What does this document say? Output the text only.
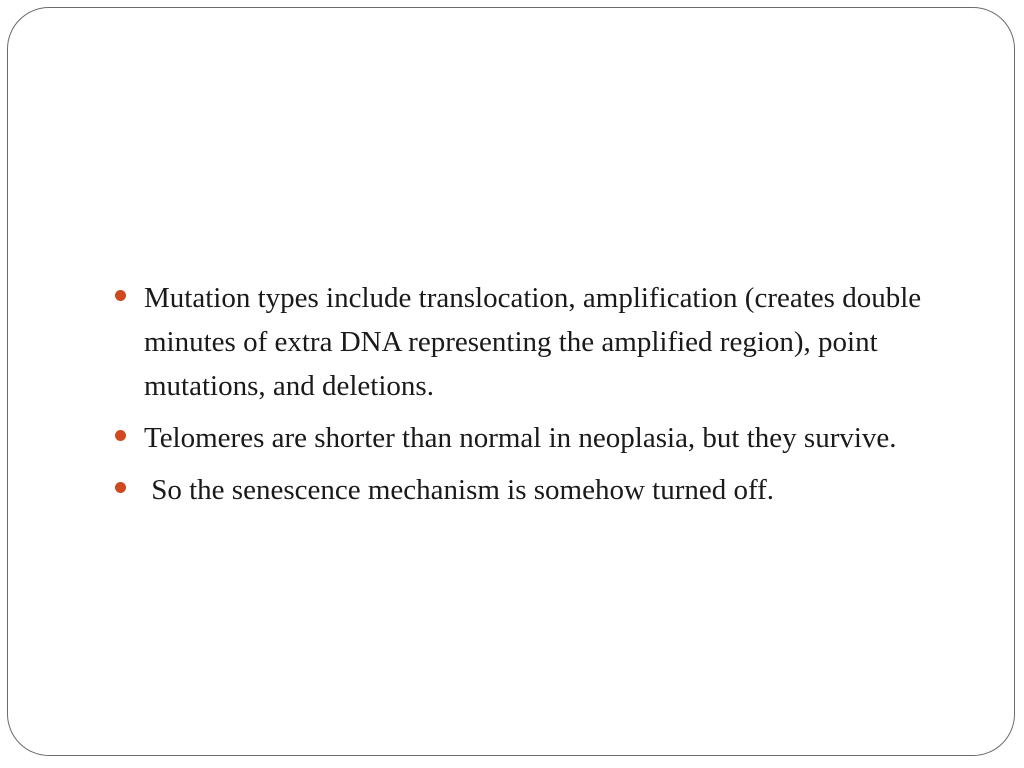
Mutation types include translocation, amplification (creates double minutes of extra DNA representing the amplified region), point mutations, and deletions.
Telomeres are shorter than normal in neoplasia, but they survive.
So the senescence mechanism is somehow turned off.
